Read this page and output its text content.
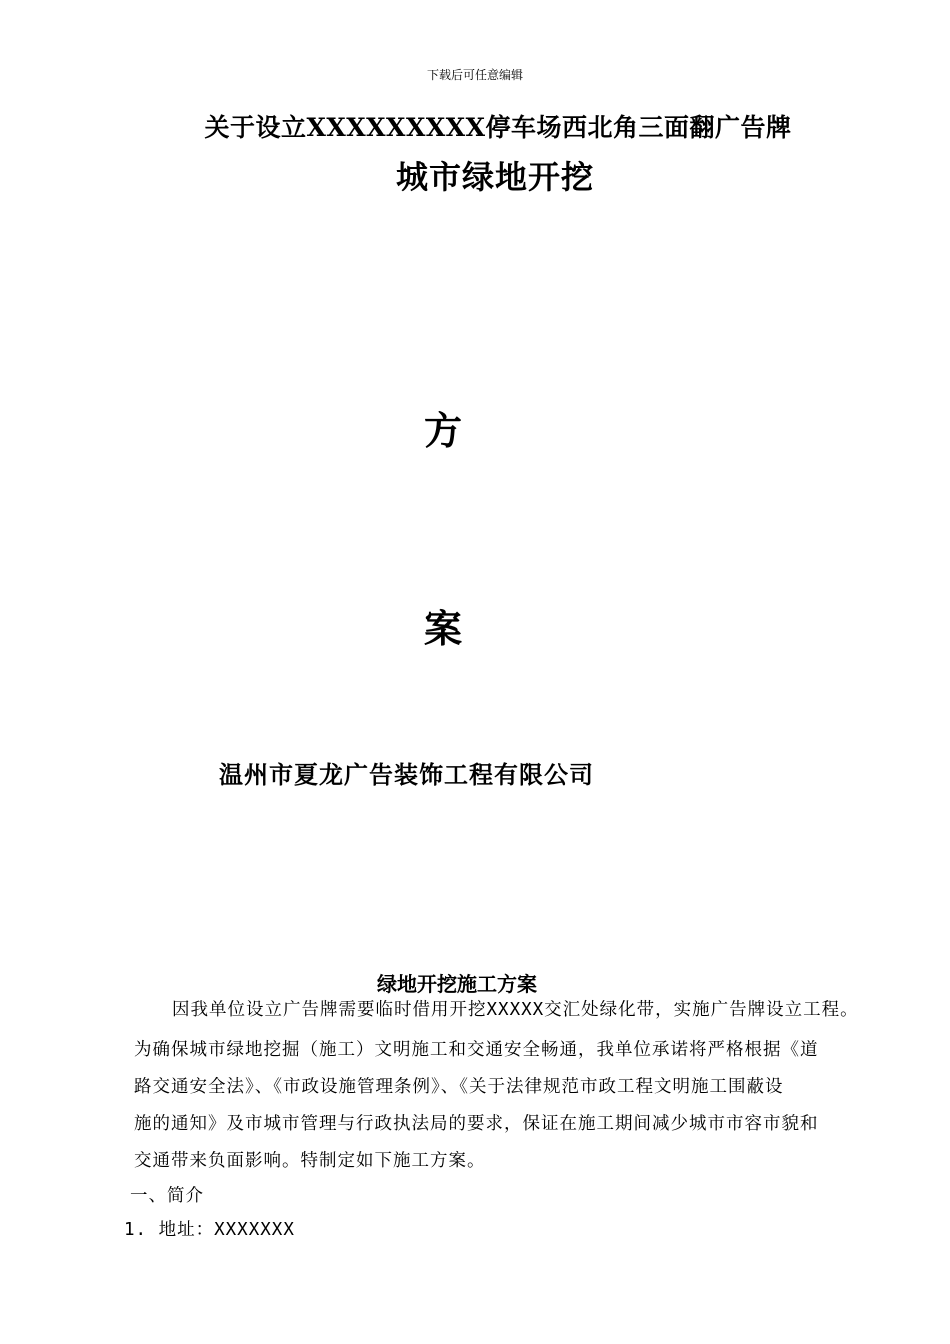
下载后可任意编辑
关于设立XXXXXXXXX停车场西北角三面翻广告牌
城市绿地开挖
方
案
温州市夏龙广告装饰工程有限公司
绿地开挖施工方案
因我单位设立广告牌需要临时借用开挖XXXXX交汇处绿化带，实施广告牌设立工程。
为确保城市绿地挖掘（施工）文明施工和交通安全畅通，我单位承诺将严格根据《道
路交通安全法》、《市政设施管理条例》、《关于法律规范市政工程文明施工围蔽设
施的通知》及市城市管理与行政执法局的要求，保证在施工期间减少城市市容市貌和
交通带来负面影响。特制定如下施工方案。
一、简介
1. 地址：XXXXXXX
